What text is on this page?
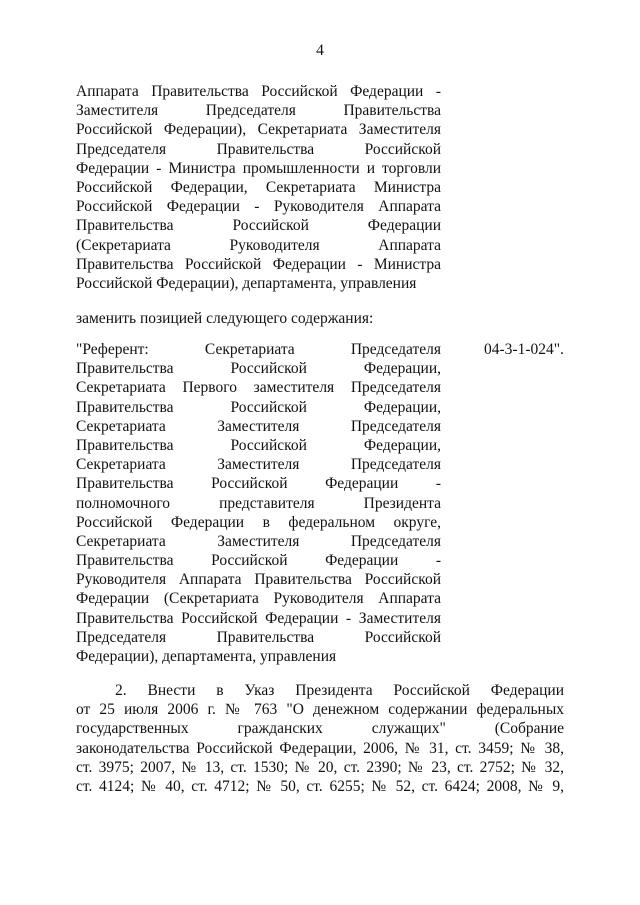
4
Аппарата Правительства Российской Федерации -
Заместителя Председателя Правительства
Российской Федерации), Секретариата Заместителя
Председателя Правительства Российской
Федерации - Министра промышленности и торговли
Российской Федерации, Секретариата Министра
Российской Федерации - Руководителя Аппарата
Правительства Российской Федерации
(Секретариата Руководителя Аппарата
Правительства Российской Федерации - Министра
Российской Федерации), департамента, управления
заменить позицией следующего содержания:
"Референт: Секретариата Председателя
Правительства Российской Федерации,
Секретариата Первого заместителя Председателя
Правительства Российской Федерации,
Секретариата Заместителя Председателя
Правительства Российской Федерации,
Секретариата Заместителя Председателя
Правительства Российской Федерации -
полномочного представителя Президента
Российской Федерации в федеральном округе,
Секретариата Заместителя Председателя
Правительства Российской Федерации -
Руководителя Аппарата Правительства Российской
Федерации (Секретариата Руководителя Аппарата
Правительства Российской Федерации - Заместителя
Председателя Правительства Российской
Федерации), департамента, управления
04-3-1-024".
2. Внести в Указ Президента Российской Федерации
от 25 июля 2006 г. № 763 "О денежном содержании федеральных
государственных гражданских служащих" (Собрание
законодательства Российской Федерации, 2006, № 31, ст. 3459; № 38,
ст. 3975; 2007, № 13, ст. 1530; № 20, ст. 2390; № 23, ст. 2752; № 32,
ст. 4124; № 40, ст. 4712; № 50, ст. 6255; № 52, ст. 6424; 2008, № 9,
